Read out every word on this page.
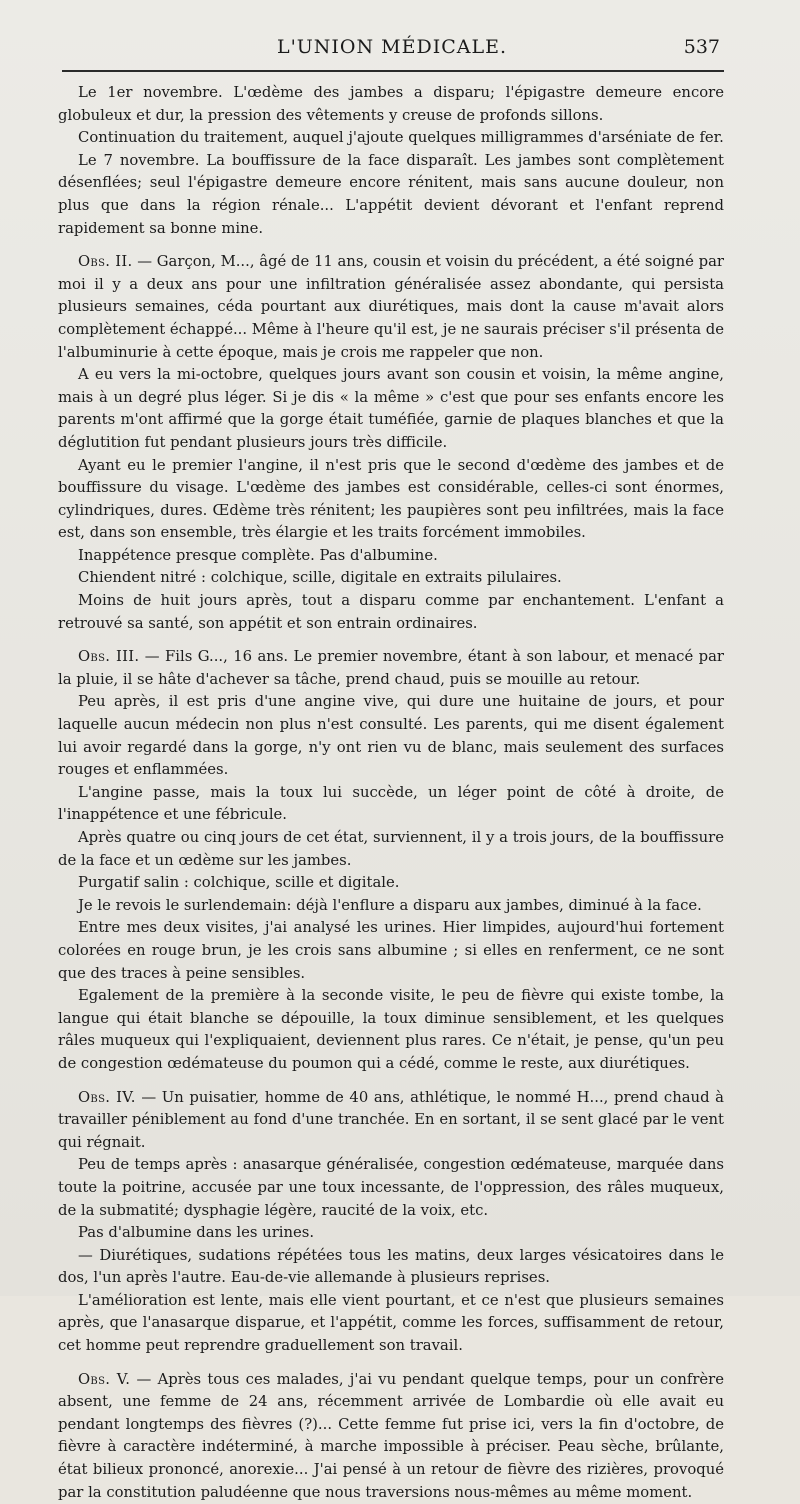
L'UNION MÉDICALE.	537

Le 1er novembre. L'œdème des jambes a disparu; l'épigastre demeure encore globuleux et dur, la pression des vêtements y creuse de profonds sillons.

Continuation du traitement, auquel j'ajoute quelques milligrammes d'arséniate de fer.

Le 7 novembre. La bouffissure de la face disparaît. Les jambes sont complètement désenflées; seul l'épigastre demeure encore rénitent, mais sans aucune douleur, non plus que dans la région rénale... L'appétit devient dévorant et l'enfant reprend rapidement sa bonne mine.

Obs. II. — Garçon, M..., âgé de 11 ans, cousin et voisin du précédent, a été soigné par moi il y a deux ans pour une infiltration généralisée assez abondante, qui persista plusieurs semaines, céda pourtant aux diurétiques, mais dont la cause m'avait alors complètement échappé... Même à l'heure qu'il est, je ne saurais préciser s'il présenta de l'albuminurie à cette époque, mais je crois me rappeler que non.

A eu vers la mi-octobre, quelques jours avant son cousin et voisin, la même angine, mais à un degré plus léger. Si je dis « la même » c'est que pour ses enfants encore les parents m'ont affirmé que la gorge était tuméfiée, garnie de plaques blanches et que la déglutition fut pendant plusieurs jours très difficile.

Ayant eu le premier l'angine, il n'est pris que le second d'œdème des jambes et de bouffissure du visage. L'œdème des jambes est considérable, celles-ci sont énormes, cylindriques, dures. Œdème très rénitent; les paupières sont peu infiltrées, mais la face est, dans son ensemble, très élargie et les traits forcément immobiles.

Inappétence presque complète. Pas d'albumine.

Chiendent nitré : colchique, scille, digitale en extraits pilulaires.

Moins de huit jours après, tout a disparu comme par enchantement. L'enfant a retrouvé sa santé, son appétit et son entrain ordinaires.

Obs. III. — Fils G..., 16 ans. Le premier novembre, étant à son labour, et menacé par la pluie, il se hâte d'achever sa tâche, prend chaud, puis se mouille au retour.

Peu après, il est pris d'une angine vive, qui dure une huitaine de jours, et pour laquelle aucun médecin non plus n'est consulté. Les parents, qui me disent également lui avoir regardé dans la gorge, n'y ont rien vu de blanc, mais seulement des surfaces rouges et enflammées.

L'angine passe, mais la toux lui succède, un léger point de côté à droite, de l'inappétence et une fébricule.

Après quatre ou cinq jours de cet état, surviennent, il y a trois jours, de la bouffissure de la face et un œdème sur les jambes.

Purgatif salin : colchique, scille et digitale.

Je le revois le surlendemain: déjà l'enflure a disparu aux jambes, diminué à la face.

Entre mes deux visites, j'ai analysé les urines. Hier limpides, aujourd'hui fortement colorées en rouge brun, je les crois sans albumine ; si elles en renferment, ce ne sont que des traces à peine sensibles.

Egalement de la première à la seconde visite, le peu de fièvre qui existe tombe, la langue qui était blanche se dépouille, la toux diminue sensiblement, et les quelques râles muqueux qui l'expliquaient, deviennent plus rares. Ce n'était, je pense, qu'un peu de congestion œdémateuse du poumon qui a cédé, comme le reste, aux diurétiques.

Obs. IV. — Un puisatier, homme de 40 ans, athlétique, le nommé H..., prend chaud à travailler péniblement au fond d'une tranchée. En en sortant, il se sent glacé par le vent qui régnait.

Peu de temps après : anasarque généralisée, congestion œdémateuse, marquée dans toute la poitrine, accusée par une toux incessante, de l'oppression, des râles muqueux, de la submatité; dysphagie légère, raucité de la voix, etc.

Pas d'albumine dans les urines.

— Diurétiques, sudations répétées tous les matins, deux larges vésicatoires dans le dos, l'un après l'autre. Eau-de-vie allemande à plusieurs reprises.

L'amélioration est lente, mais elle vient pourtant, et ce n'est que plusieurs semaines après, que l'anasarque disparue, et l'appétit, comme les forces, suffisamment de retour, cet homme peut reprendre graduellement son travail.

Obs. V. — Après tous ces malades, j'ai vu pendant quelque temps, pour un confrère absent, une femme de 24 ans, récemment arrivée de Lombardie où elle avait eu pendant longtemps des fièvres (?)... Cette femme fut prise ici, vers la fin d'octobre, de fièvre à caractère indéterminé, à marche impossible à préciser. Peau sèche, brûlante, état bilieux prononcé, anorexie... J'ai pensé à un retour de fièvre des rizières, provoqué par la constitution paludéenne que nous traversions nous-mêmes au même moment.
